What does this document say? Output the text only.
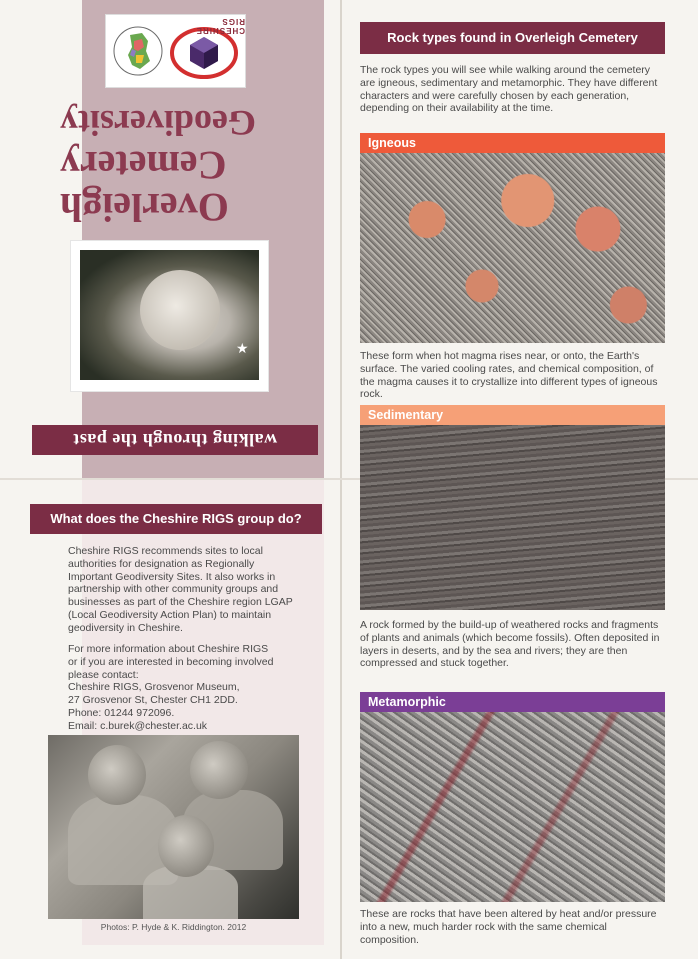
CHESHIRE RIGS
Overleigh
Cemetery
Geodiversity
★
walking through the past
What does the Cheshire RIGS group do?
Cheshire RIGS recommends sites to local authorities for designation as Regionally Important Geodiversity Sites. It also works in partnership with other community groups and businesses as part of the Cheshire region LGAP (Local Geodiversity Action Plan) to maintain geodiversity in Cheshire.
For more information about Cheshire RIGS
or if you are interested in becoming involved
please contact:
Cheshire RIGS, Grosvenor Museum,
27 Grosvenor St, Chester CH1 2DD.
Phone: 01244 972096.
Email: c.burek@chester.ac.uk
Photos: P. Hyde & K. Riddington. 2012
Rock types found in Overleigh Cemetery
The rock types you will see while walking around the cemetery are igneous, sedimentary and metamorphic. They have different characters and were carefully chosen by each generation, depending on their availability at the time.
Igneous
These form when hot magma rises near, or onto, the Earth's surface. The varied cooling rates, and chemical composition, of the magma causes it to crystallize into different types of igneous rock.
Sedimentary
A rock formed by the build-up of weathered rocks and fragments of plants and animals (which become fossils). Often deposited in layers in deserts, and by the sea and rivers; they are then compressed and stuck together.
Metamorphic
These are rocks that have been altered by heat and/or pressure into a new, much harder rock with the same chemical composition.
